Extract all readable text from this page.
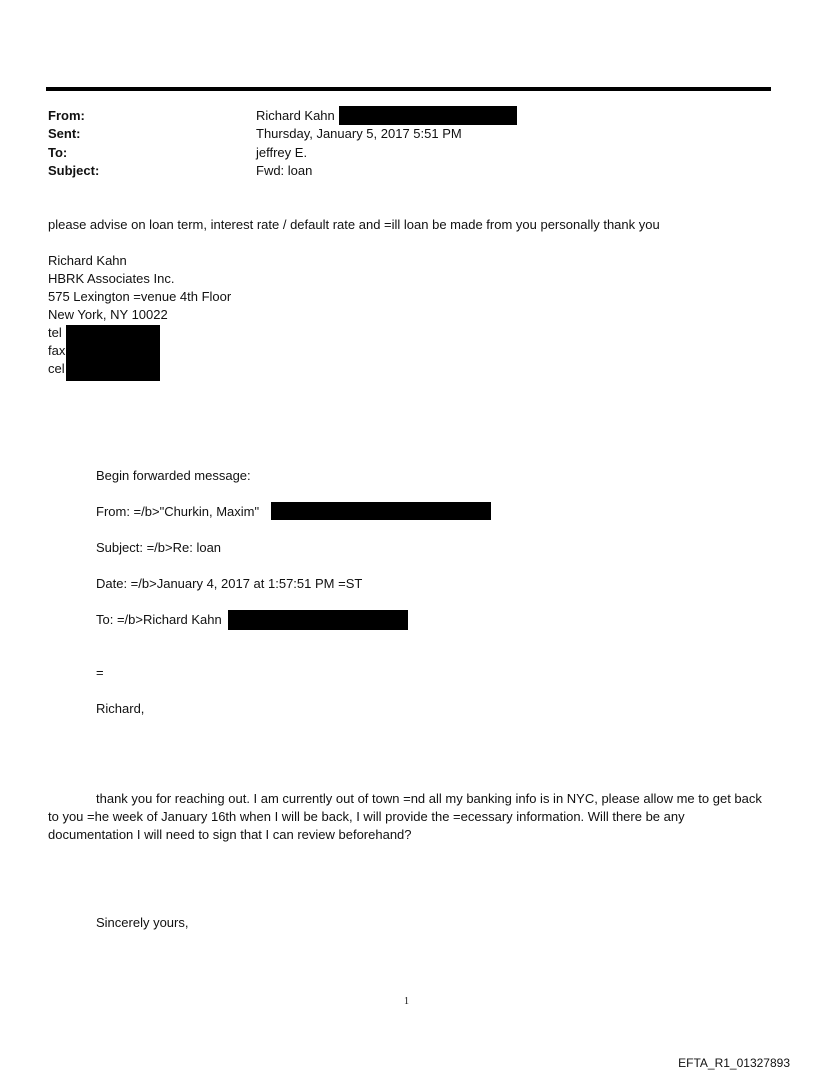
From:	Richard Kahn
Sent:	Thursday, January 5, 2017 5:51 PM
To:	jeffrey E.
Subject:	Fwd: loan
please advise on loan term, interest rate / default rate and =ill loan be made from you personally thank you
Richard Kahn
HBRK Associates Inc.
575 Lexington =venue 4th Floor
New York, NY 10022
tel
fax
cel
Begin forwarded message:
From: =/b>"Churkin, Maxim"
Subject: =/b>Re: loan
Date: =/b>January 4, 2017 at 1:57:51 PM =ST
To: =/b>Richard Kahn
=
Richard,
thank you for reaching out. I am currently out of town =nd all my banking info is in NYC, please allow me to get back to you =he week of January 16th when I will be back, I will provide the =ecessary information. Will there be any documentation I will need to sign that I can review beforehand?
Sincerely yours,
1
EFTA_R1_01327893
